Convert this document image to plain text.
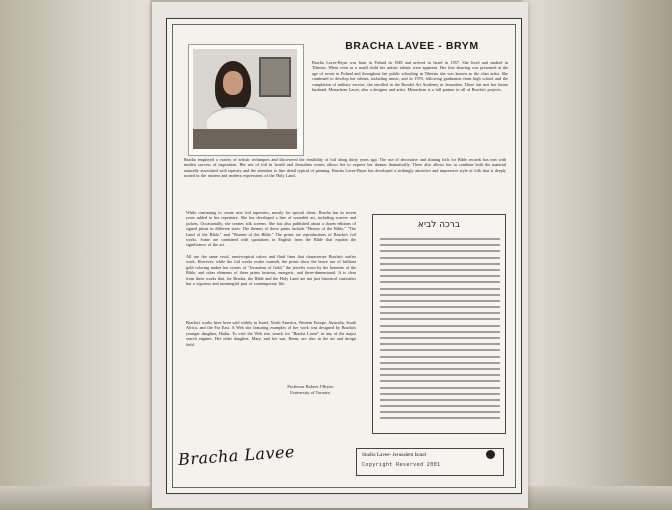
BRACHA LAVEE - BRYM
Bracha Lavee-Brym was born in Poland in 1948 and arrived in Israel in 1957. She lived and studied in Tiberias. When even as a small child her artistic talents were apparent. Her first drawing was presented at the age of seven in Poland and throughout her public schooling in Tiberias she was known as the class artist. She continued to develop her talents, including music, and in 1970, following graduation from high school and the completion of military service, she enrolled in the Bezalel Art Academy in Jerusalem. There she met her future husband, Menachem Lavee, also a designer and artist. Menachem is a full partner in all of Bracha's projects.
Bracha employed a variety of artistic techniques and discovered the feasibility of foil along thirty years ago. The use of decorative and shining foils for Bible records has met with modest success of inspiration. Her use of foil in Israeli and Jerusalem scenes allows her to express her themes dramatically. There also allows her to combine both the material naturally associated with tapestry and the attention to fine detail typical of painting. Bracha Lavee-Brym has developed a strikingly attractive and impressive style of folk that is deeply rooted in the ancient and modern expressions of the Holy Land.
While continuing to create new foil tapestries, mostly for special client, Bracha has in recent years added to her repertoire. She has developed a line of wearable art, including scarves and jackets. Occasionally, she creates silk screens. She has also published about a dozen editions of signed prints in different sizes. The themes of these prints include "Heroes of the Bible," "The Land of the Bible," and "Women of the Bible." The prints are reproductions of Bracha's foil works. Some are combined with quotations in English from the Bible that explain the significance of the art.
All use the same vivid, semi-tropical colors and fluid lines that characterize Bracha's earlier work. However, while the foil works evoke warmth, the prints show the brave use of brilliant gold coloring makes her scenes of "Jerusalem of Gold," the jewelry worn by the heroines of the Bible, and other elements of these prints lustrous, energetic, and three-dimensional. It is clear from these works that, for Bracha, the Bible and the Holy Land are not just historical curiosities but a vigorous and meaningful part of contemporary life.
Bracha's works have been sold widely in Israel, North America, Western Europe, Australia, South Africa, and the Far East. A Web site featuring examples of her work was designed by Bracha's younger daughter, Hadas. To visit the Web site, search for "Bracha Lavee" in any of the major search engines. Her older daughter, Mary, and her son, Reem, are also in the art and design field.
Professor Robert J Brym
University of Toronto
Bracha Lavee
ברכה לביא
Studio Lavee- Jerusalem Israel
Copyright Reserved 2001
